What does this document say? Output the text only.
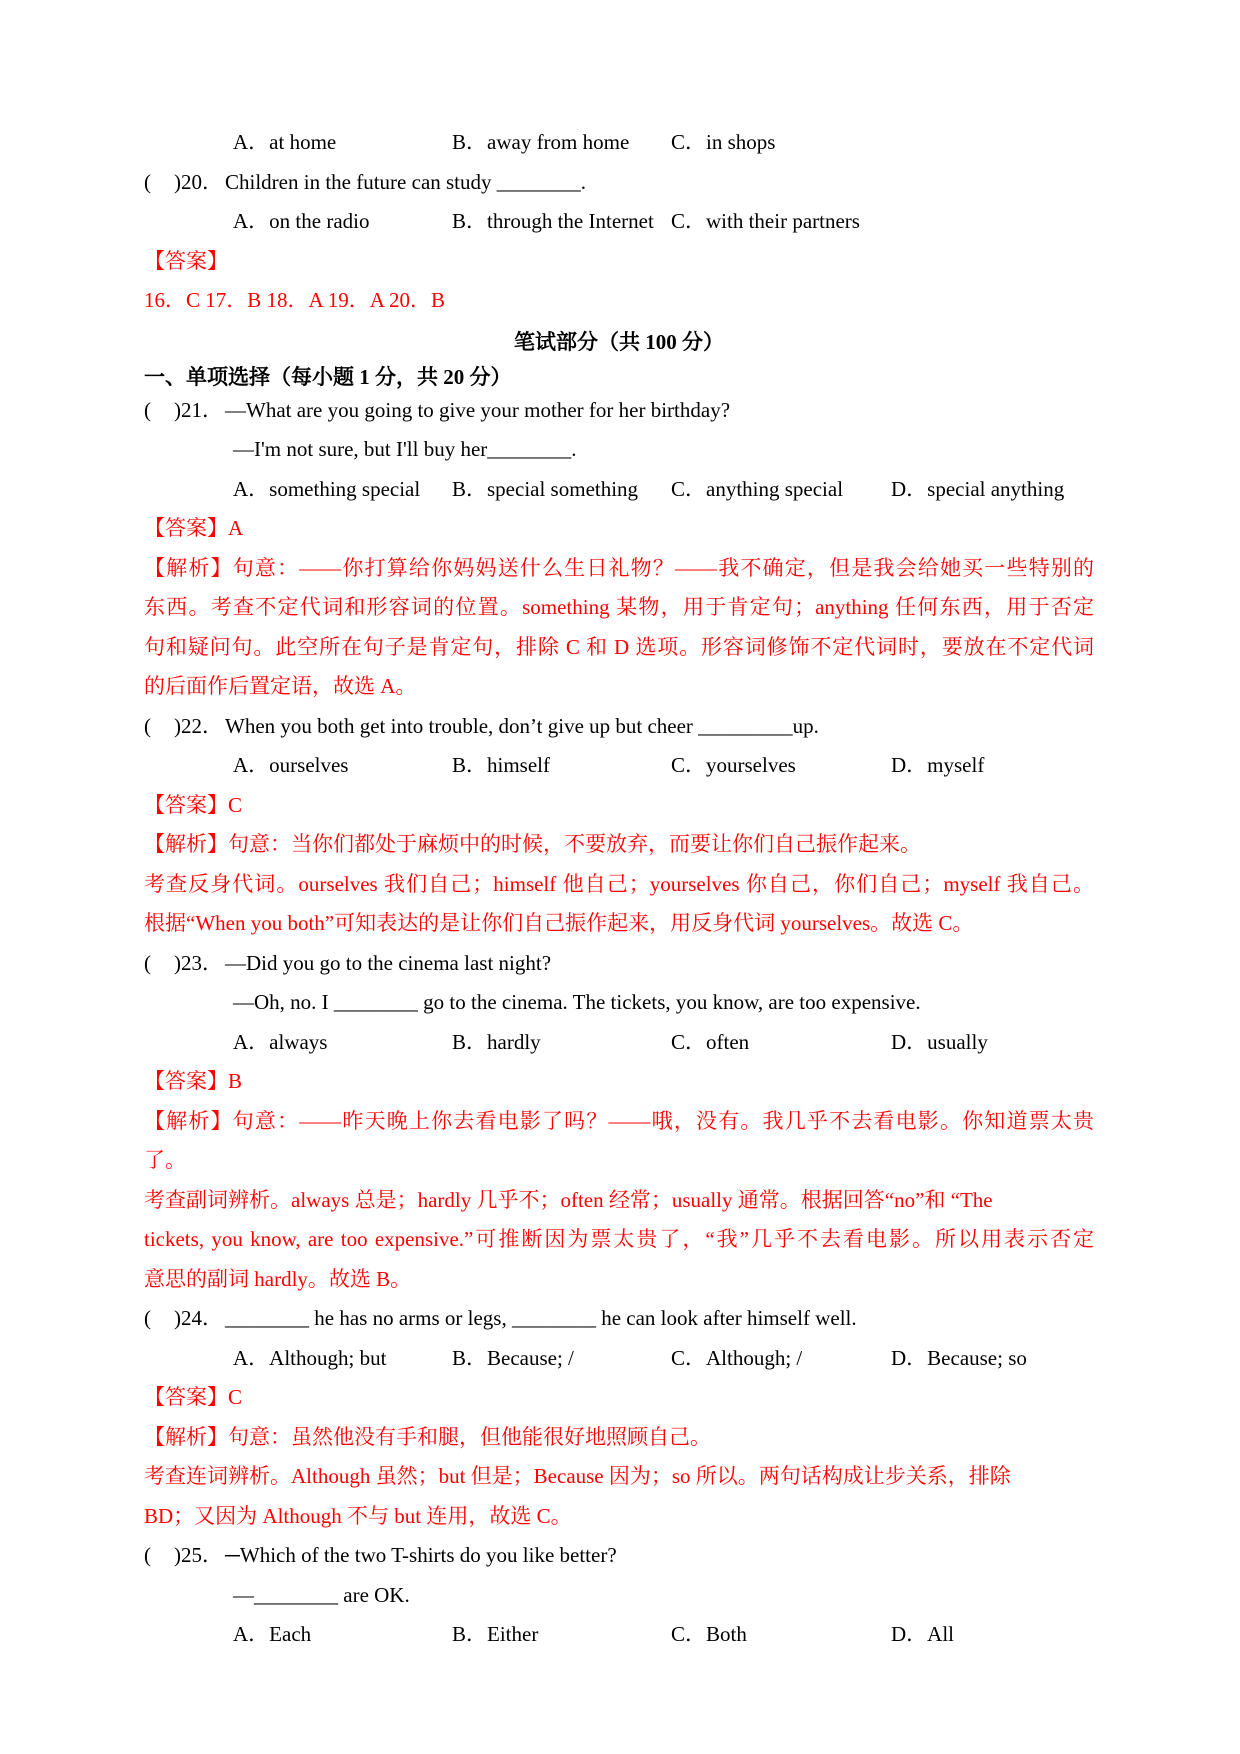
A．at home	B．away from home C．in shops
( )20．Children in the future can study ________.
A．on the radio	B．through the Internet C．with their partners
【答案】
16．C 17．B 18．A 19．A 20．B
笔试部分（共 100 分）
一、单项选择（每小题 1 分，共 20 分）
( )21．—What are you going to give your mother for her birthday?
—I'm not sure, but I'll buy her________.
A．something special B．special something C．anything special D．special anything
【答案】A
【解析】句意：——你打算给你妈妈送什么生日礼物？——我不确定，但是我会给她买一些特别的
东西。考查不定代词和形容词的位置。something 某物，用于肯定句；anything 任何东西，用于否定
句和疑问句。此空所在句子是肯定句，排除 C 和 D 选项。形容词修饰不定代词时，要放在不定代词
的后面作后置定语，故选 A。
( )22．When you both get into trouble, don’t give up but cheer _________up.
A．ourselves	B．himself	C．yourselves	D．myself
【答案】C
【解析】句意：当你们都处于麻烦中的时候，不要放弃，而要让你们自己振作起来。
考查反身代词。ourselves 我们自己；himself 他自己；yourselves 你自己，你们自己；myself 我自己。
根据“When you both”可知表达的是让你们自己振作起来，用反身代词 yourselves。故选 C。
( )23．—Did you go to the cinema last night?
—Oh, no. I ________ go to the cinema. The tickets, you know, are too expensive.
A．always	B．hardly	C．often	D．usually
【答案】B
【解析】句意：——昨天晚上你去看电影了吗？——哦，没有。我几乎不去看电影。你知道票太贵
了。
考查副词辨析。always 总是；hardly 几乎不；often 经常；usually 通常。根据回答“no”和 “The
tickets, you know, are too expensive.”可推断因为票太贵了，“我”几乎不去看电影。所以用表示否定
意思的副词 hardly。故选 B。
( )24．________ he has no arms or legs, ________ he can look after himself well.
A．Although; but	B．Because; /	C．Although; /	D．Because; so
【答案】C
【解析】句意：虽然他没有手和腿，但他能很好地照顾自己。
考查连词辨析。Although 虽然；but 但是；Because 因为；so 所以。两句话构成让步关系，排除
BD；又因为 Although 不与 but 连用，故选 C。
( )25．─Which of the two T-shirts do you like better?
—________ are OK.
A．Each	B．Either	C．Both	D．All
